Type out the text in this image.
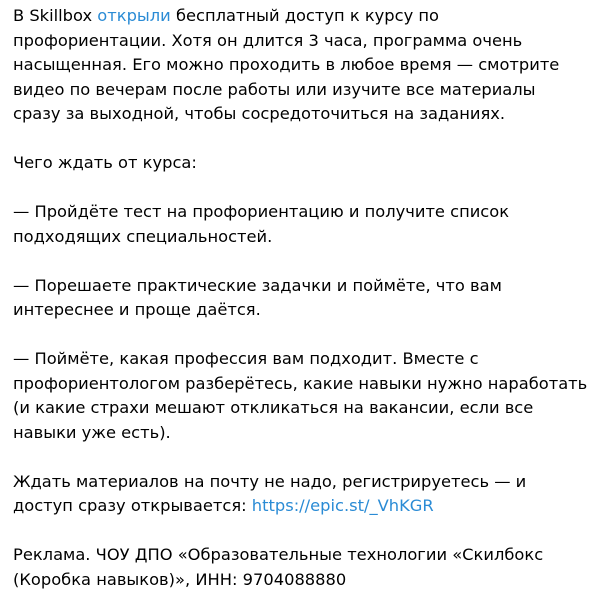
В Skillbox открыли бесплатный доступ к курсу по профориентации. Хотя он длится 3 часа, программа очень насыщенная. Его можно проходить в любое время — смотрите видео по вечерам после работы или изучите все материалы сразу за выходной, чтобы сосредоточиться на заданиях.

Чего ждать от курса:

— Пройдёте тест на профориентацию и получите список подходящих специальностей.

— Порешаете практические задачки и поймёте, что вам интереснее и проще даётся.

— Поймёте, какая профессия вам подходит. Вместе с профориентологом разберётесь, какие навыки нужно наработать (и какие страхи мешают откликаться на вакансии, если все навыки уже есть).

Ждать материалов на почту не надо, регистрируетесь — и доступ сразу открывается: https://epic.st/_VhKGR

Реклама. ЧОУ ДПО «Образовательные технологии «Скилбокс (Коробка навыков)», ИНН: 9704088880
